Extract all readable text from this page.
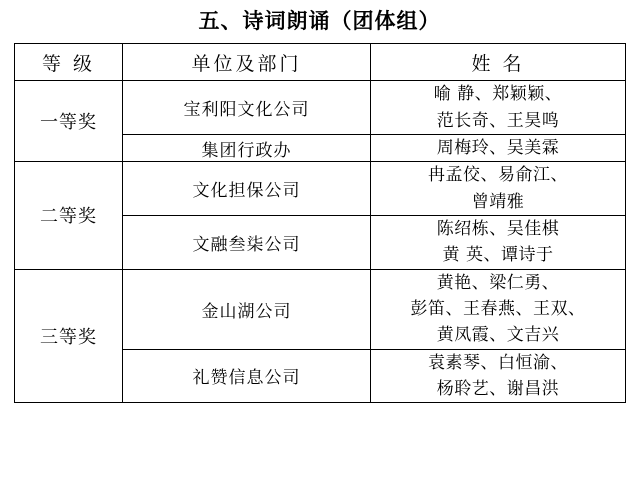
五、诗词朗诵（团体组）
等 级	单位及部门	姓 名
一等奖	宝利阳文化公司	喻 静、郑颖颖、
范长奇、王昊鸣

	集团行政办	周梅玲、吴美霖

二等奖	文化担保公司	冉孟佼、易俞江、
曾靖雅

	文融叁柒公司	陈绍栋、吴佳棋
黄 英、谭诗于

三等奖	金山湖公司	黄艳、梁仁勇、
彭笛、王春燕、王双、
黄凤霞、文吉兴

	礼赞信息公司	袁素琴、白恒渝、
杨聆艺、谢昌洪
